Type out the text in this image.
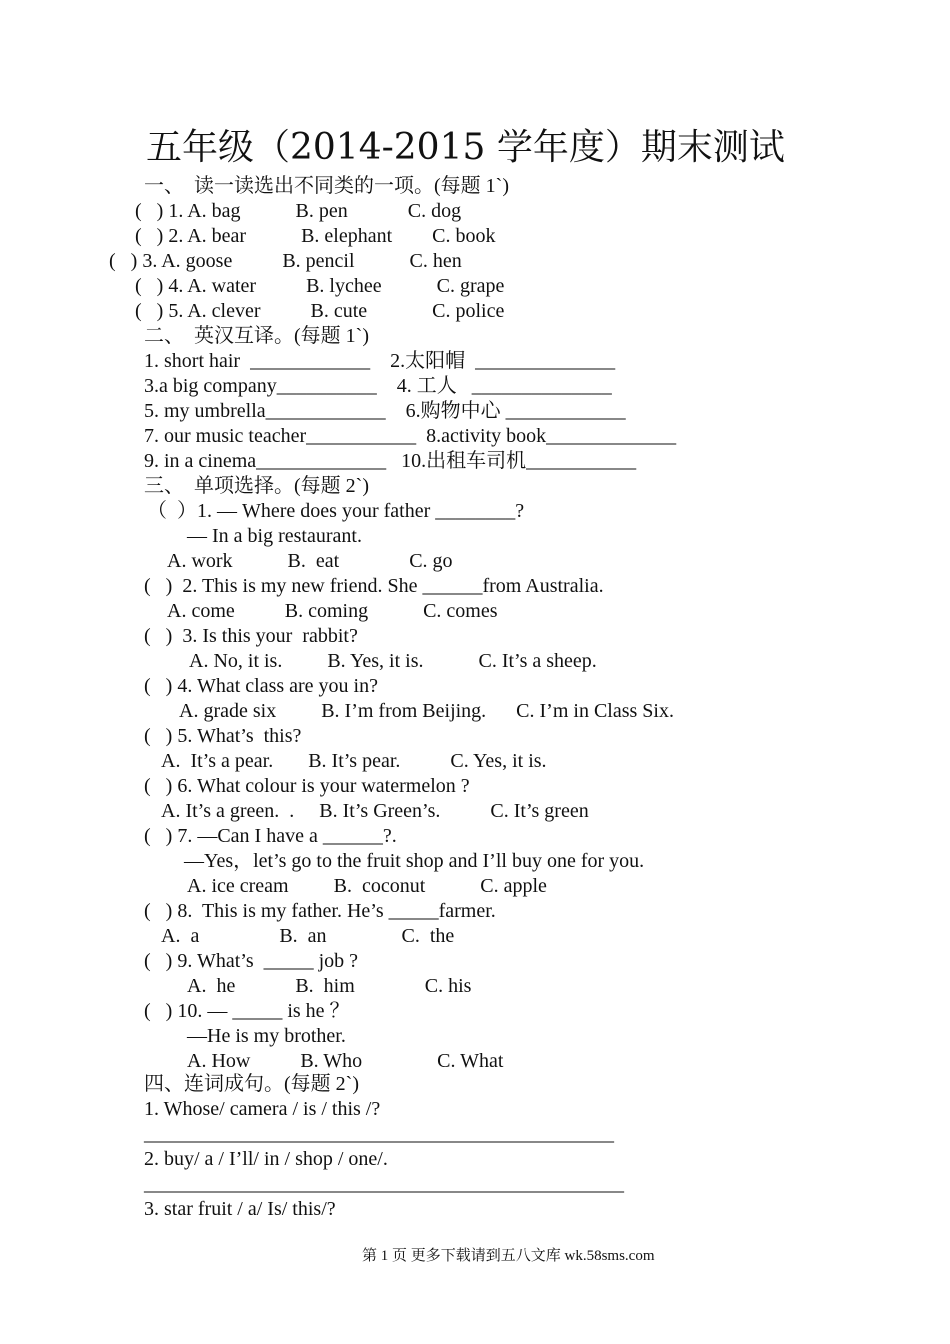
五年级（2014-2015 学年度）期末测试
一、  读一读选出不同类的一项。(每题 1`)
(   ) 1. A. bag           B. pen            C. dog
(   ) 2. A. bear           B. elephant        C. book
(   ) 3. A. goose          B. pencil           C. hen
(   ) 4. A. water          B. lychee           C. grape
(   ) 5. A. clever          B. cute             C. police
二、  英汉互译。(每题 1`)
1. short hair  ____________    2.太阳帽  ______________
3.a big company__________    4. 工人   ______________
5. my umbrella____________    6.购物中心 ____________
7. our music teacher___________  8.activity book_____________
9. in a cinema_____________   10.出租车司机___________
三、  单项选择。(每题 2`)
（  ）1. — Where does your father ________?
— In a big restaurant.
A. work           B.  eat              C. go
(   )  2. This is my new friend. She ______from Australia.
A. come          B. coming           C. comes
(   )  3. Is this your  rabbit?
A. No, it is.         B. Yes, it is.           C. It’s a sheep.
(   ) 4. What class are you in?
A. grade six         B. I’m from Beijing.      C. I’m in Class Six.
(   ) 5. What’s  this?
A.  It’s a pear.       B. It’s pear.          C. Yes, it is.
(   ) 6. What colour is your watermelon ?
A. It’s a green.  .     B. It’s Green’s.          C. It’s green
(   ) 7. —Can I have a ______?.
—Yes，let’s go to the fruit shop and I’ll buy one for you.
A. ice cream         B.  coconut           C. apple
(   ) 8.  This is my father. He’s _____farmer.
A.  a                B.  an               C.  the
(   ) 9. What’s  _____ job ?
A.  he            B.  him              C. his
(   ) 10. — _____ is he ？
—He is my brother.
A. How          B. Who               C. What
四、连词成句。(每题 2`)
1. Whose/ camera / is / this /?
_______________________________________________
2. buy/ a / I’ll/ in / shop / one/.
________________________________________________
3. star fruit / a/ Is/ this/?
第 1 页 更多下载请到五八文库 wk.58sms.com
